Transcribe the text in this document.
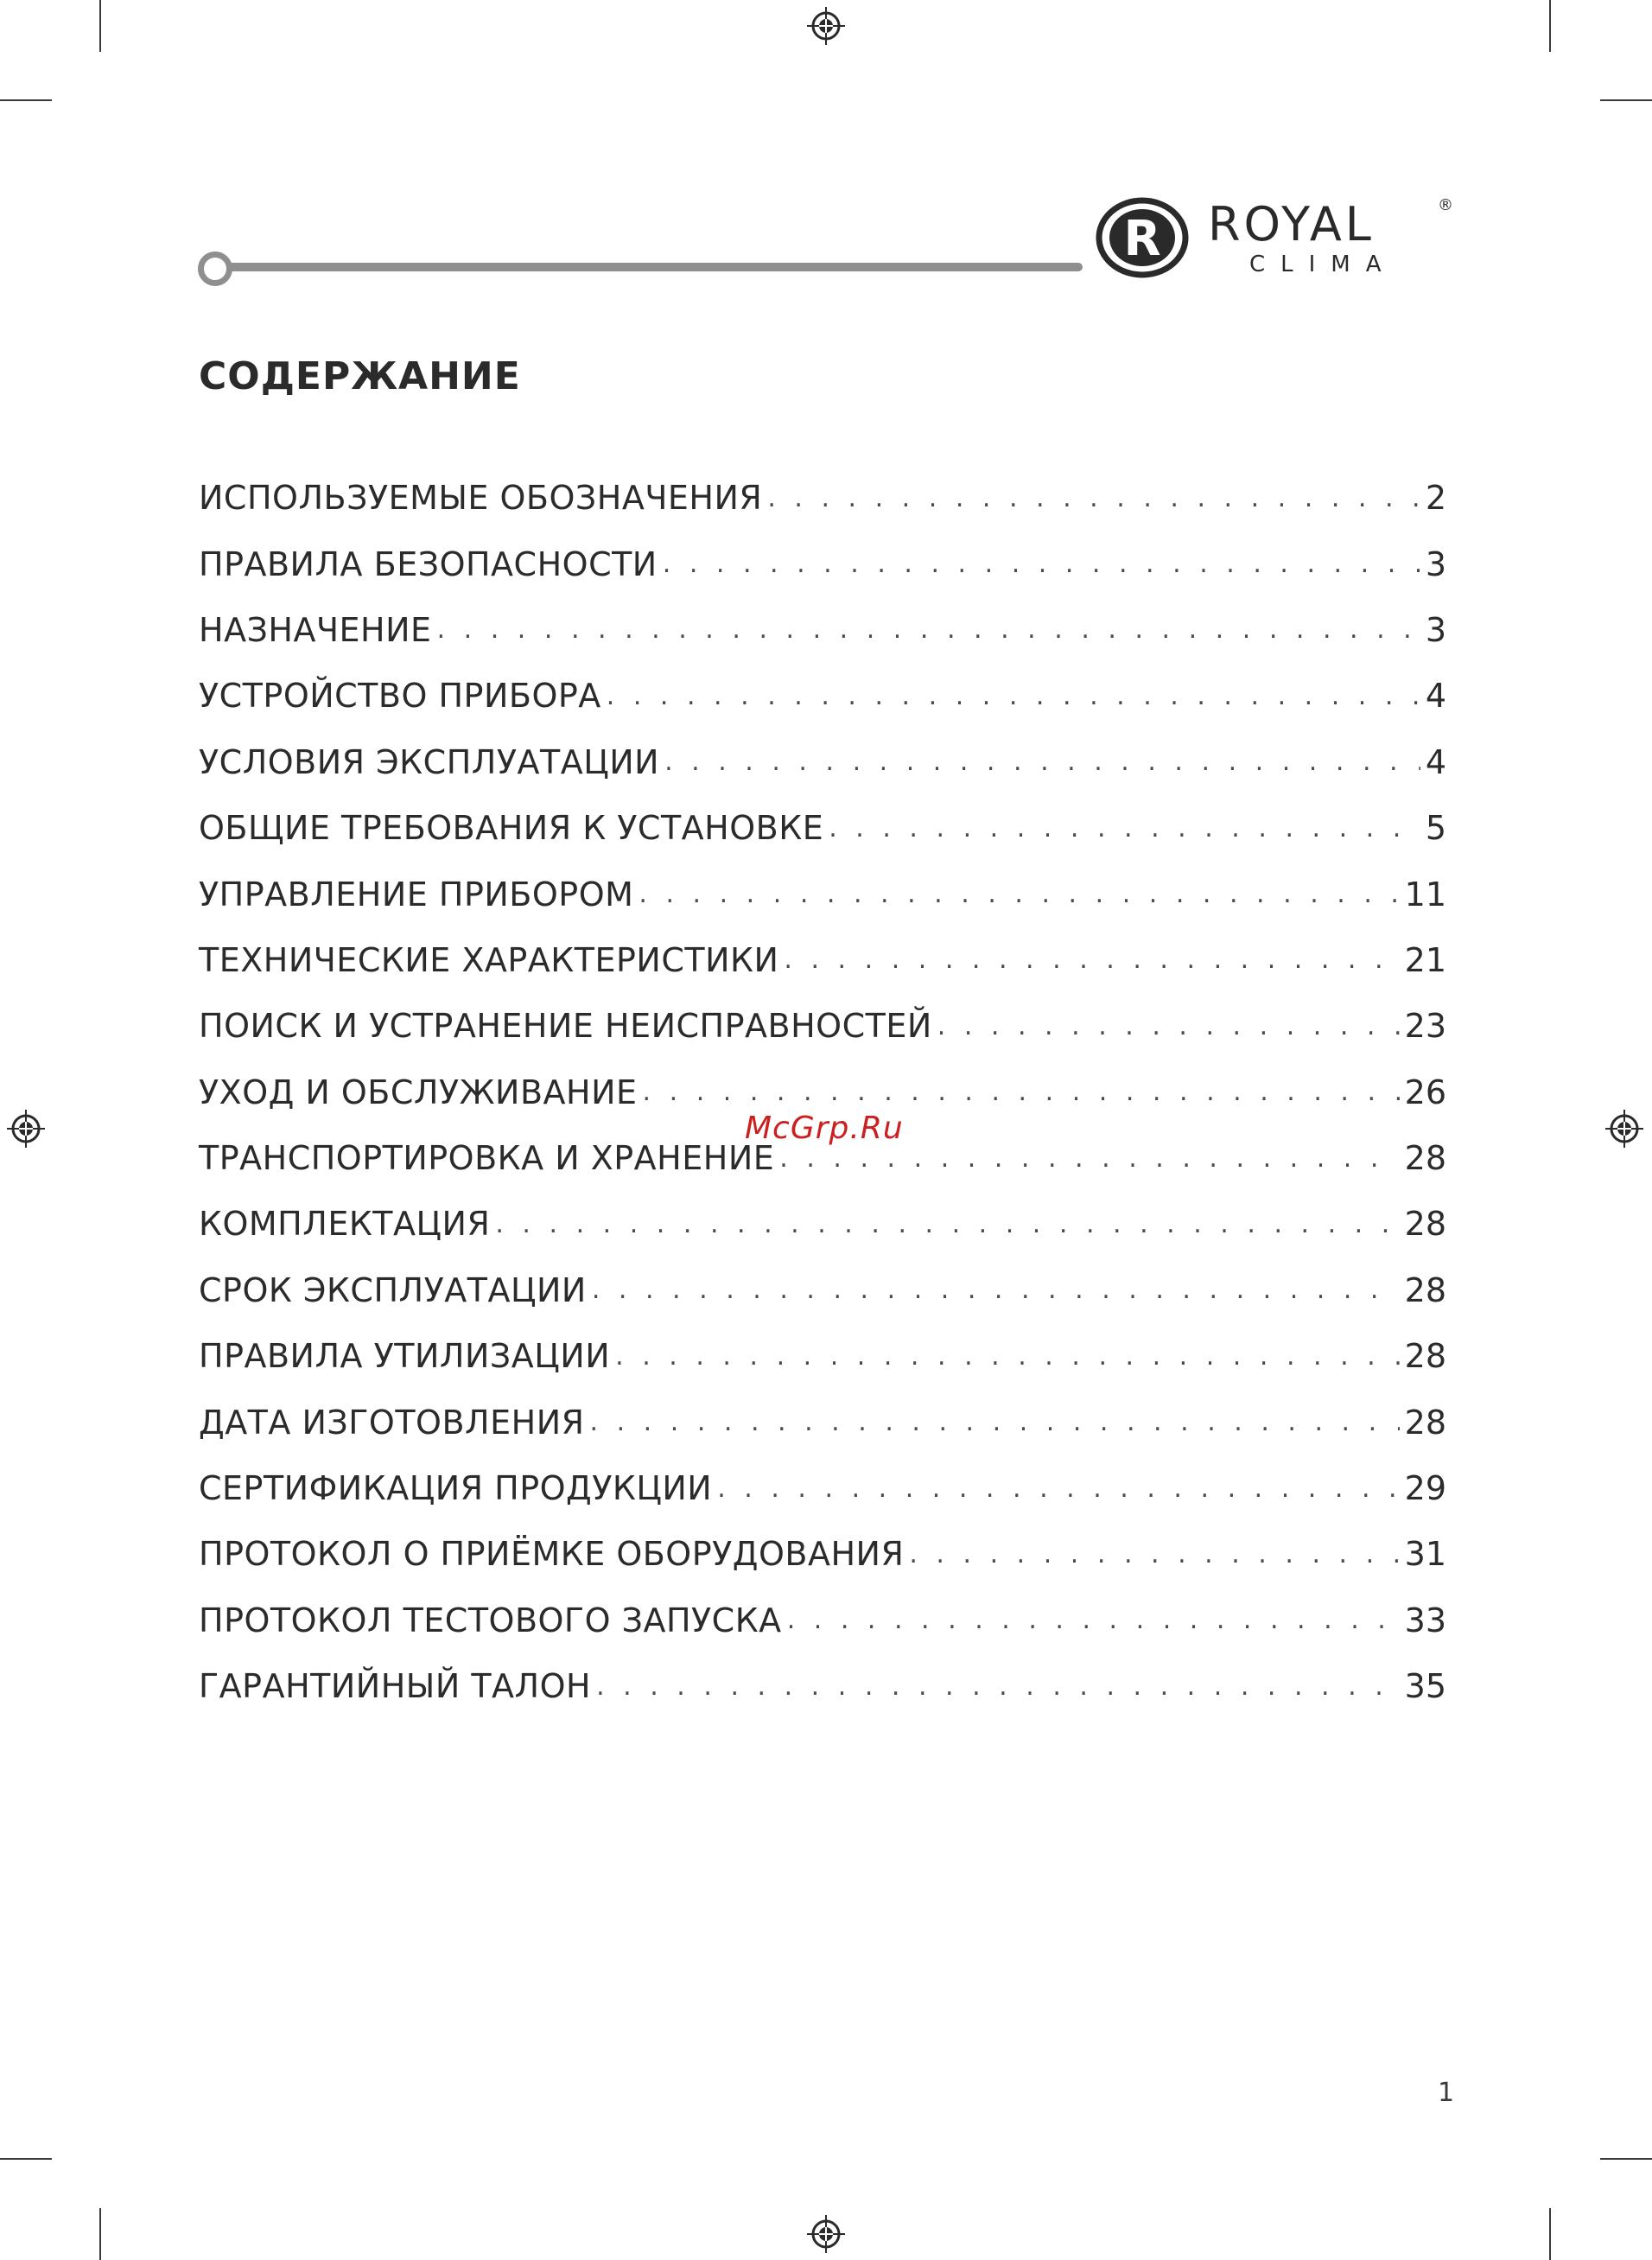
R ROYAL	®
CLIMA
СОДЕРЖАНИЕ
ИСПОЛЬЗУЕМЫЕ ОБОЗНАЧЕНИЯ . . .	2
ПРАВИЛА БЕЗОПАСНОСТИ . . .	3
НАЗНАЧЕНИЕ . . .	3
УСТРОЙСТВО ПРИБОРА . . .	4
УСЛОВИЯ ЭКСПЛУАТАЦИИ . . .	4
ОБЩИЕ ТРЕБОВАНИЯ К УСТАНОВКЕ . . .	5
УПРАВЛЕНИЕ ПРИБОРОМ . . .	11
ТЕХНИЧЕСКИЕ ХАРАКТЕРИСТИКИ . . .	21
ПОИСК И УСТРАНЕНИЕ НЕИСПРАВНОСТЕЙ . . .	23
УХОД И ОБСЛУЖИВАНИЕ . . .	26
ТРАНСПОРТИРОВКА И ХРАНЕНИЕ . . .	28
КОМПЛЕКТАЦИЯ . . .	28
СРОК ЭКСПЛУАТАЦИИ . . .	28
ПРАВИЛА УТИЛИЗАЦИИ . . .	28
ДАТА ИЗГОТОВЛЕНИЯ . . .	28
СЕРТИФИКАЦИЯ ПРОДУКЦИИ . . .	29
ПРОТОКОЛ О ПРИЁМКЕ ОБОРУДОВАНИЯ . . .	31
ПРОТОКОЛ ТЕСТОВОГО ЗАПУСКА . . .	33
ГАРАНТИЙНЫЙ ТАЛОН . . .	35
McGrp.Ru
1
